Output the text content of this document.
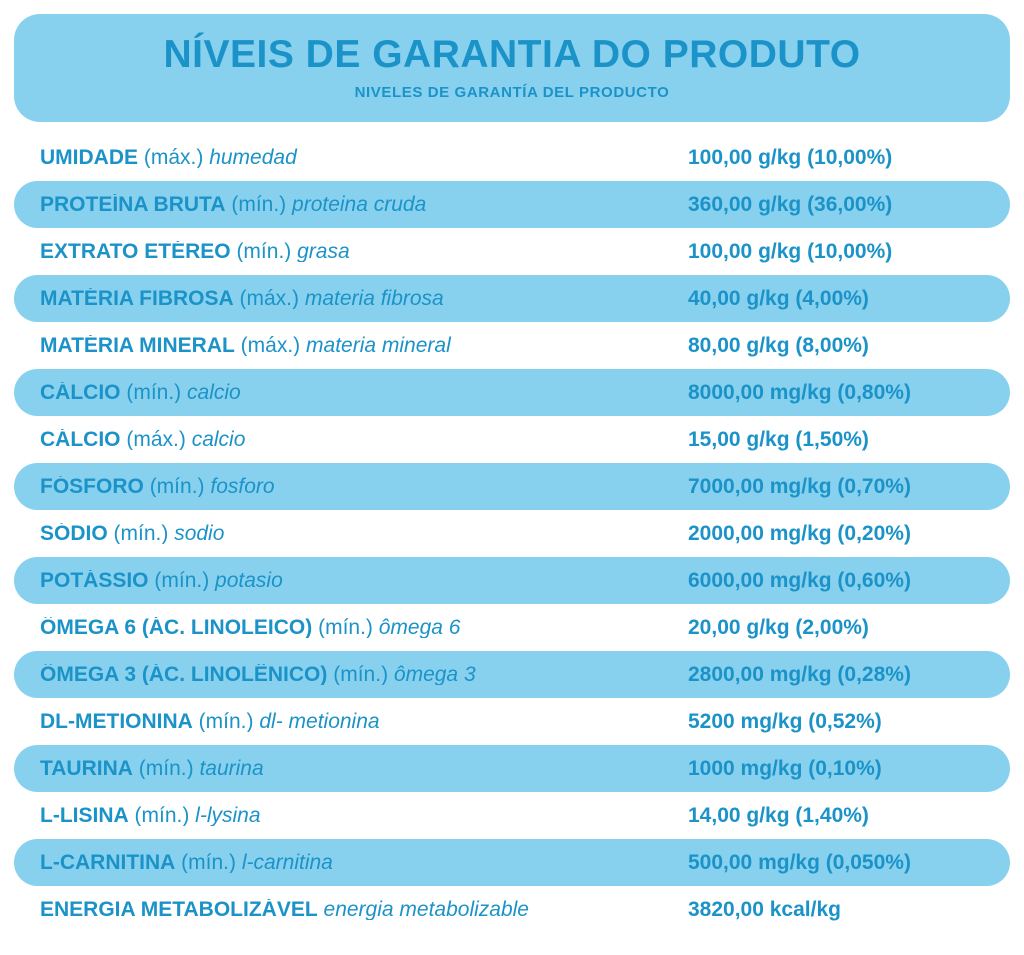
NÍVEIS DE GARANTIA DO PRODUTO
NIVELES DE GARANTÍA DEL PRODUCTO
UMIDADE (máx.) humedad	100,00 g/kg (10,00%)
PROTEÍNA BRUTA (mín.) proteina cruda	360,00 g/kg (36,00%)
EXTRATO ETÉREO (mín.) grasa	100,00 g/kg (10,00%)
MATÉRIA FIBROSA (máx.) materia fibrosa	40,00 g/kg (4,00%)
MATÉRIA MINERAL (máx.) materia mineral	80,00 g/kg (8,00%)
CÁLCIO (mín.) calcio	8000,00 mg/kg (0,80%)
CÁLCIO (máx.) calcio	15,00 g/kg (1,50%)
FÓSFORO (mín.) fosforo	7000,00 mg/kg (0,70%)
SÓDIO (mín.) sodio	2000,00 mg/kg (0,20%)
POTÁSSIO (mín.) potasio	6000,00 mg/kg (0,60%)
ÔMEGA 6 (ÁC. LINOLEICO) (mín.) ômega 6	20,00 g/kg (2,00%)
ÔMEGA 3 (ÁC. LINOLÊNICO) (mín.) ômega 3	2800,00 mg/kg (0,28%)
DL-METIONINA (mín.) dl- metionina	5200 mg/kg (0,52%)
TAURINA (mín.) taurina	1000 mg/kg (0,10%)
L-LISINA (mín.) l-lysina	14,00 g/kg (1,40%)
L-CARNITINA (mín.) l-carnitina	500,00 mg/kg (0,050%)
ENERGIA METABOLIZÁVEL energia metabolizable	3820,00 kcal/kg
